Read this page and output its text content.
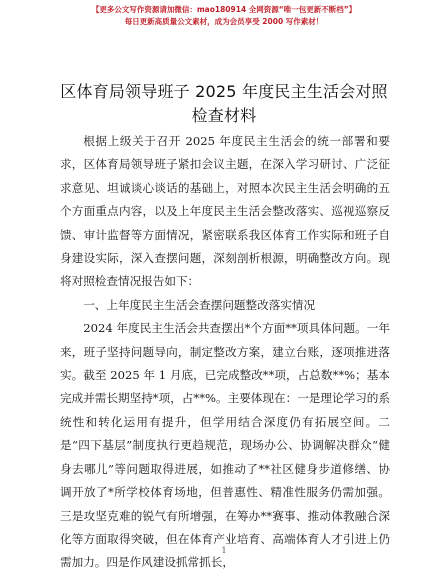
【更多公文写作资源请加微信：mao180914 全网资源“唯一包更新不断档”】
每日更新高质量公文素材，成为会员享受 2000 写作素材！
区体育局领导班子 2025 年度民主生活会对照检查材料

根据上级关于召开 2025 年度民主生活会的统一部署和要求，区体育局领导班子紧扣会议主题，在深入学习研讨、广泛征求意见、坦诚谈心谈话的基础上，对照本次民主生活会明确的五个方面重点内容，以及上年度民主生活会整改落实、巡视巡察反馈、审计监督等方面情况，紧密联系我区体育工作实际和班子自身建设实际，深入查摆问题，深刻剖析根源，明确整改方向。现将对照检查情况报告如下：

一、上年度民主生活会查摆问题整改落实情况

2024 年度民主生活会共查摆出*个方面**项具体问题。一年来，班子坚持问题导向，制定整改方案，建立台账，逐项推进落实。截至 2025 年 1 月底，已完成整改**项，占总数**%；基本完成并需长期坚持*项，占**%。主要体现在：一是理论学习的系统性和转化运用有提升，但学用结合深度仍有拓展空间。二是“四下基层”制度执行更趋规范，现场办公、协调解决群众“健身去哪儿”等问题取得进展，如推动了**社区健身步道修缮、协调开放了*所学校体育场地，但普惠性、精准性服务仍需加强。三是攻坚克难的锐气有所增强，在筹办**赛事、推动体教融合深化等方面取得突破，但在体育产业培育、高端体育人才引进上仍需加力。四是作风建设抓常抓长，

1
